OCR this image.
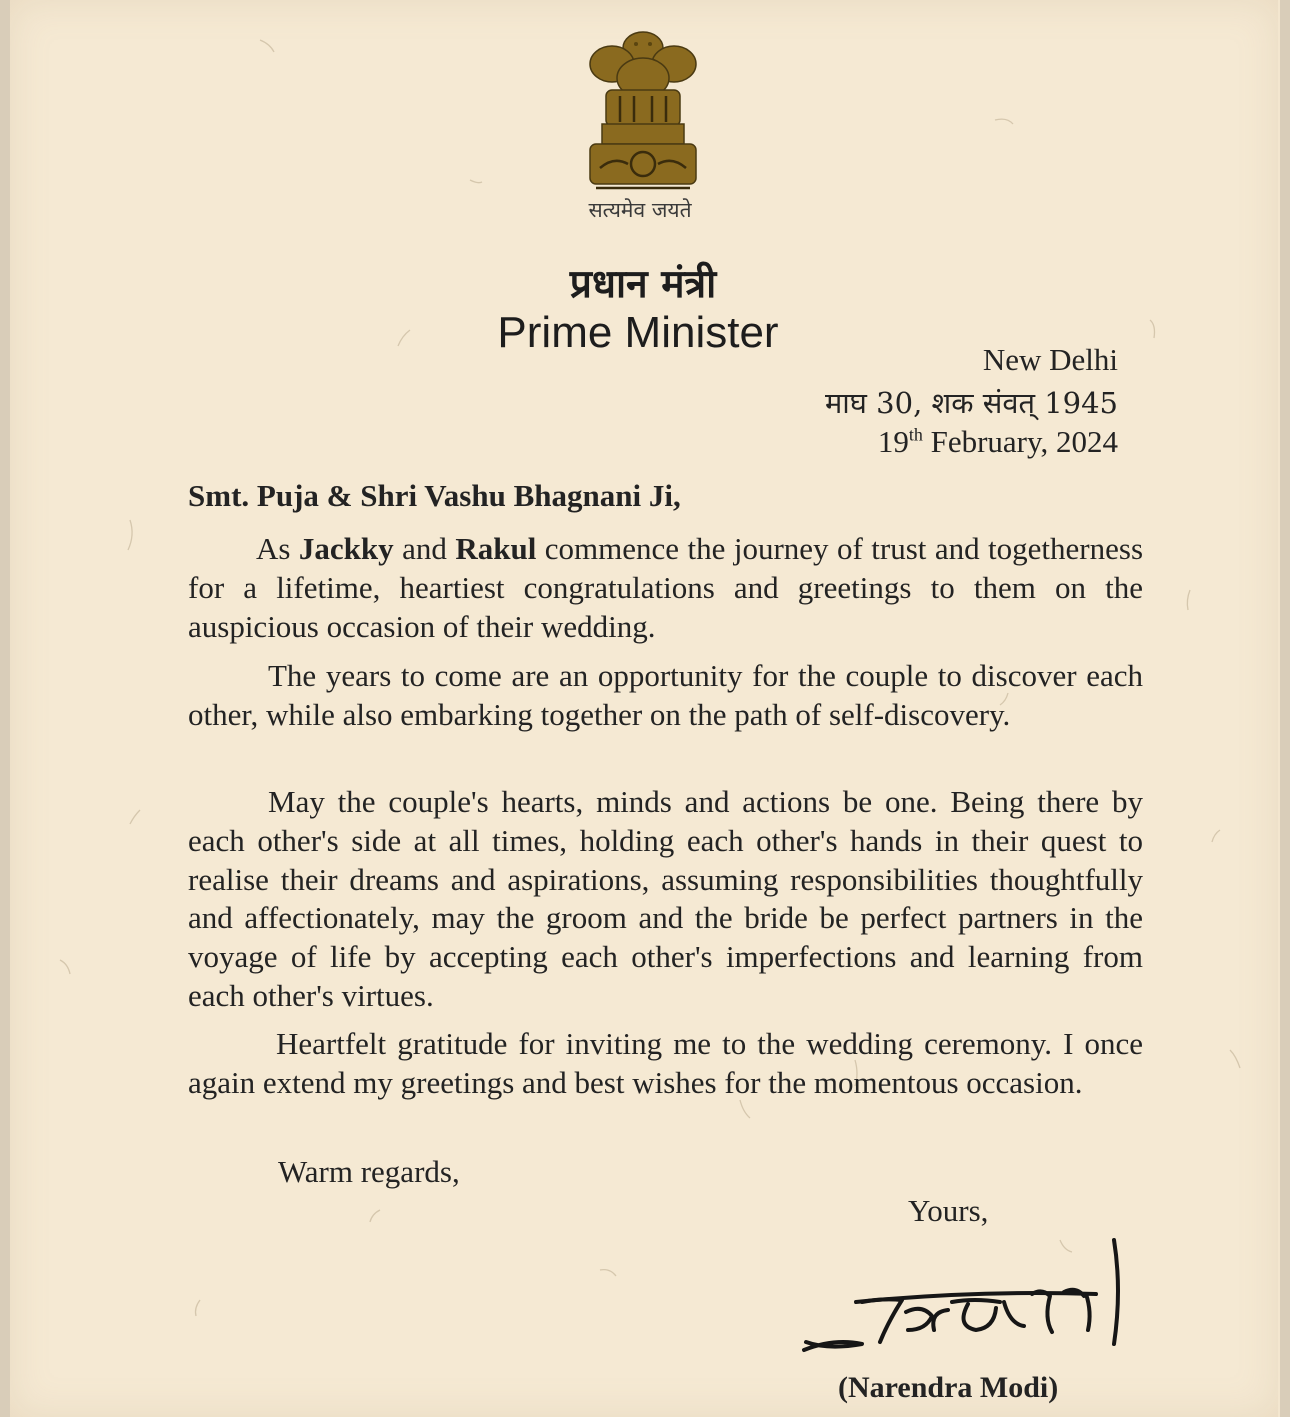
सत्यमेव जयते
प्रधान मंत्री
Prime Minister
New Delhi
माघ 30, शक संवत् 1945
19th February, 2024
Smt. Puja & Shri Vashu Bhagnani Ji,

As Jackky and Rakul commence the journey of trust and togetherness for a lifetime, heartiest congratulations and greetings to them on the auspicious occasion of their wedding.

The years to come are an opportunity for the couple to discover each other, while also embarking together on the path of self-discovery.

May the couple's hearts, minds and actions be one. Being there by each other's side at all times, holding each other's hands in their quest to realise their dreams and aspirations, assuming responsibilities thoughtfully and affectionately, may the groom and the bride be perfect partners in the voyage of life by accepting each other's imperfections and learning from each other's virtues.

Heartfelt gratitude for inviting me to the wedding ceremony. I once again extend my greetings and best wishes for the momentous occasion.

Warm regards,
Yours,
(Narendra Modi)
